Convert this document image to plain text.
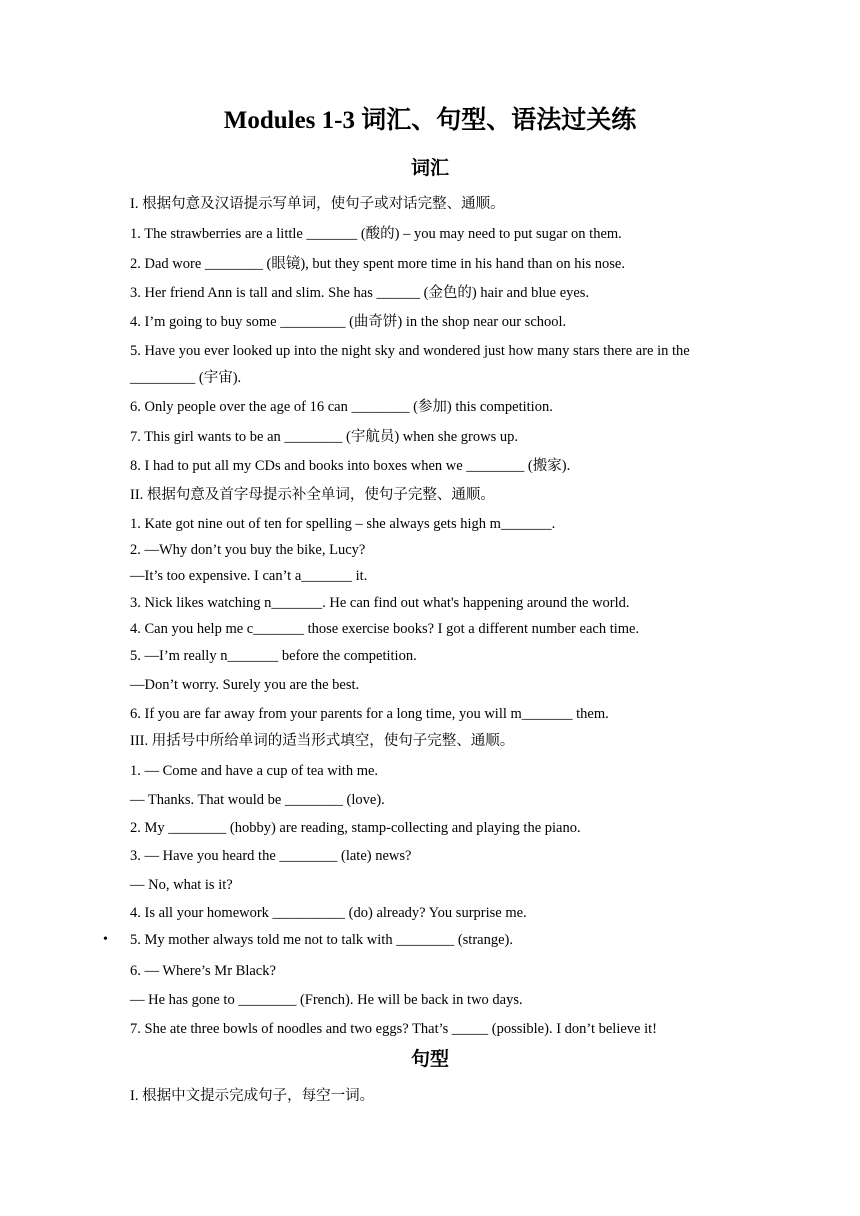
Modules 1-3 词汇、句型、语法过关练
词汇
I. 根据句意及汉语提示写单词，使句子或对话完整、通顺。
1. The strawberries are a little _______ (酸的) – you may need to put sugar on them.
2. Dad wore ________ (眼镜), but they spent more time in his hand than on his nose.
3. Her friend Ann is tall and slim. She has ______ (金色的) hair and blue eyes.
4. I’m going to buy some _________ (曲奇饼) in the shop near our school.
5. Have you ever looked up into the night sky and wondered just how many stars there are in the
_________ (宇宙).
6. Only people over the age of 16 can ________ (参加) this competition.
7. This girl wants to be an ________ (宇航员) when she grows up.
8. I had to put all my CDs and books into boxes when we ________ (搬家).
II. 根据句意及首字母提示补全单词，使句子完整、通顺。
1. Kate got nine out of ten for spelling – she always gets high m_______.
2. —Why don’t you buy the bike, Lucy?
—It’s too expensive. I can’t a_______ it.
3. Nick likes watching n_______. He can find out what's happening around the world.
4. Can you help me c_______ those exercise books? I got a different number each time.
5. —I’m really n_______ before the competition.
—Don’t worry. Surely you are the best.
6. If you are far away from your parents for a long time, you will m_______ them.
III. 用括号中所给单词的适当形式填空，使句子完整、通顺。
1. — Come and have a cup of tea with me.
— Thanks. That would be ________ (love).
2. My ________ (hobby) are reading, stamp-collecting and playing the piano.
3. — Have you heard the ________ (late) news?
— No, what is it?
4. Is all your homework __________ (do) already? You surprise me.
• 5. My mother always told me not to talk with ________ (strange).
6. — Where’s Mr Black?
— He has gone to ________ (French). He will be back in two days.
7. She ate three bowls of noodles and two eggs? That’s _____ (possible). I don’t believe it!
句型
I. 根据中文提示完成句子，每空一词。
